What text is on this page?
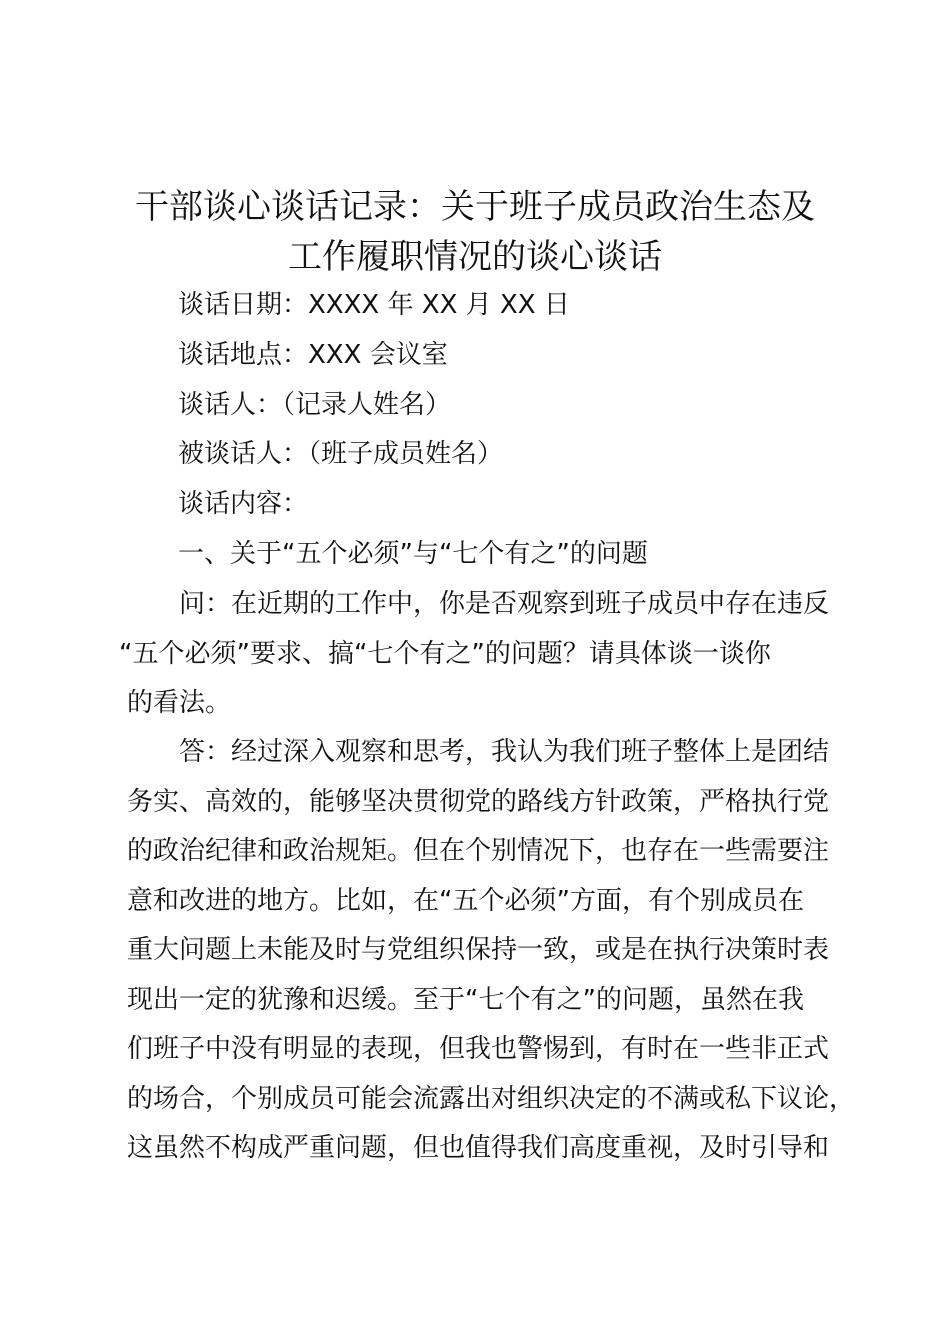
干部谈心谈话记录：关于班子成员政治生态及
工作履职情况的谈心谈话

谈话日期：XXXX 年 XX 月 XX 日

谈话地点：XXX 会议室

谈话人：（记录人姓名）

被谈话人：（班子成员姓名）

谈话内容：

一、关于“五个必须”与“七个有之”的问题

问：在近期的工作中，你是否观察到班子成员中存在违反
“五个必须”要求、搞“七个有之”的问题？请具体谈一谈你
的看法。
答：经过深入观察和思考，我认为我们班子整体上是团结
务实、高效的，能够坚决贯彻党的路线方针政策，严格执行党
的政治纪律和政治规矩。但在个别情况下，也存在一些需要注
意和改进的地方。比如，在“五个必须”方面，有个别成员在
重大问题上未能及时与党组织保持一致，或是在执行决策时表
现出一定的犹豫和迟缓。至于“七个有之”的问题，虽然在我
们班子中没有明显的表现，但我也警惕到，有时在一些非正式
的场合，个别成员可能会流露出对组织决定的不满或私下议论，
这虽然不构成严重问题，但也值得我们高度重视，及时引导和
